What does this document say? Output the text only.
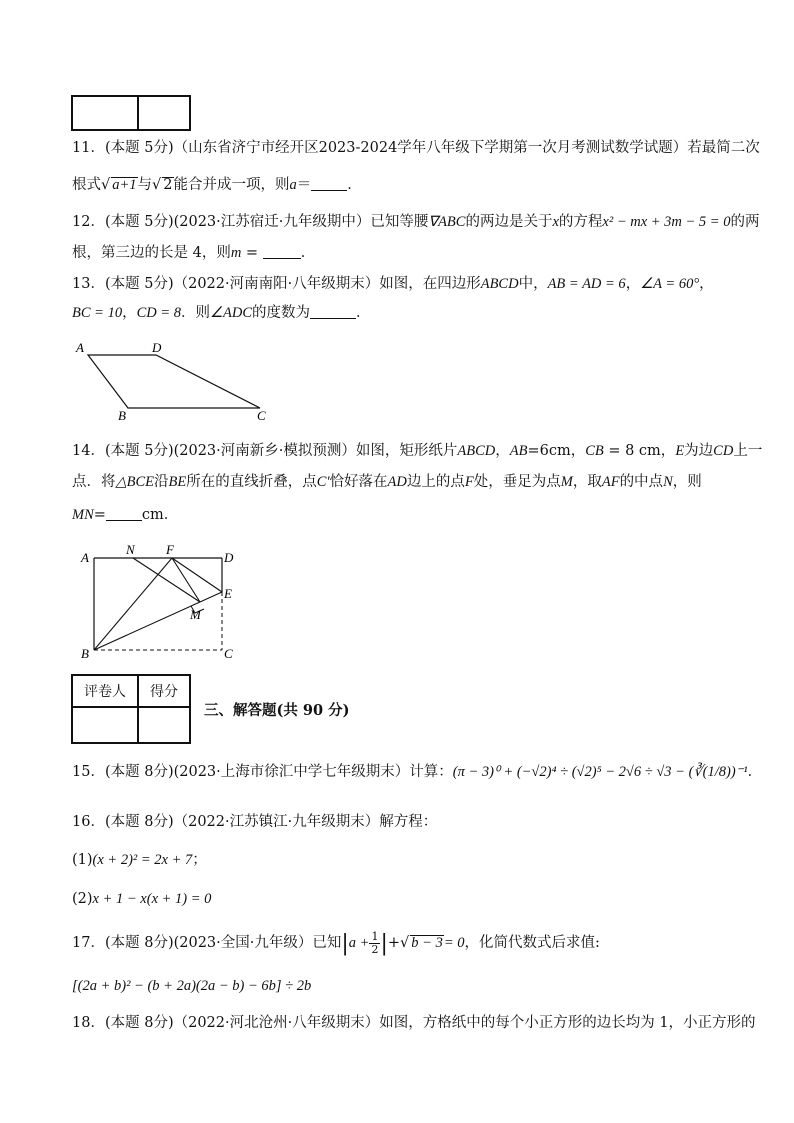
11．(本题 5分)（山东省济宁市经开区2023-2024学年八年级下学期第一次月考测试数学试题）若最简二次
根式√ a+1与√ 2能合并成一项，则a＝ ．
12．(本题 5分)(2023·江苏宿迁·九年级期中）已知等腰∇ABC的两边是关于x的方程x² − mx + 3m − 5 = 0的两
根，第三边的长是 4，则m =	．
13．(本题 5分)（2022·河南南阳·八年级期末）如图，在四边形ABCD中，AB = AD = 6，∠A = 60°，
BC = 10，CD = 8．则∠ADC的度数为	．
A	D
B	C
14．(本题 5分)(2023·河南新乡·模拟预测）如图，矩形纸片ABCD，AB=6cm，CB = 8 cm，E为边CD上一
点．将△BCE沿BE所在的直线折叠，点C'恰好落在AD边上的点F处，垂足为点M，取AF的中点N，则
MN= cm．
A
N F
D
E
M
B	C
评卷人	得分

三、解答题(共 90 分)
15．(本题 8分)(2023·上海市徐汇中学七年级期末）计算：(π − 3)⁰ + (−√2)⁴ ÷ (√2)⁵ − 2√6 ÷ √3 − (∛(1/8))⁻¹．
16．(本题 8分)（2022·江苏镇江·九年级期末）解方程：
(1)(x + 2)² = 2x + 7；
(2)x + 1 − x(x + 1) = 0
17．(本题 8分)(2023·全国·九年级）已知$|a + \frac{1}{2}$ |+√ b − 3= 0，化简代数式后求值:
[(2a + b)² − (b + 2a)(2a − b) − 6b] ÷ 2b
18．(本题 8分)（2022·河北沧州·八年级期末）如图，方格纸中的每个小正方形的边长均为 1，小正方形的
